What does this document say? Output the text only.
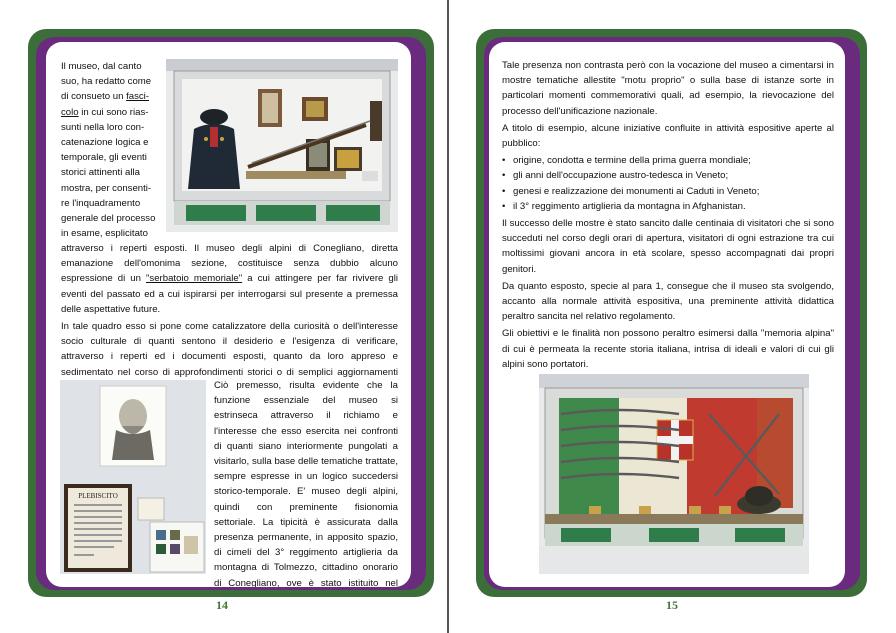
Il museo, dal canto
suo, ha redatto come
di consueto un fasci-
colo in cui sono rias-
sunti nella loro con-
catenazione logica e
temporale, gli eventi
storici attinenti alla
mostra, per consenti-
re l'inquadramento
generale del processo
in esame, esplicitato

attraverso i reperti esposti. Il museo degli alpini di Conegliano, diretta emanazione dell'omonima sezione, costituisce senza dubbio alcuno espressione di un "serbatoio memoriale" a cui attingere per far rivivere gli eventi del passato ed a cui ispirarsi per interrogarsi sul presente a premessa delle aspettative future.

In tale quadro esso si pone come catalizzatore della curiosità o dell'interesse socio culturale di quanti sentono il desiderio e l'esigenza di verificare, attraverso i reperti ed i documenti esposti, quanto da loro appreso e sedimentato nel corso di approfondimenti storici o di semplici aggiornamenti

PLEBISCITO

Ciò premesso, risulta evidente che la funzione essenziale del museo si estrinseca attraverso il richiamo e l'interesse che esso esercita nei confronti di quanti siano interiormente pungolati a visitarlo, sulla base delle tematiche trattate, sempre espresse in un logico succedersi storico-temporale. E' museo degli alpini, quindi con preminente fisionomia settoriale. La tipicità è assicurata dalla presenza permanente, in apposito spazio, di cimeli del 3° reggimento artiglieria da montagna di Tolmezzo, cittadino onorario di Conegliano, ove è stato istituito nel

14

Tale presenza non contrasta però con la vocazione del museo a cimentarsi in mostre tematiche allestite "motu proprio" o sulla base di istanze sorte in particolari momenti commemorativi quali, ad esempio, la rievocazione del processo dell'unificazione nazionale.

A titolo di esempio, alcune iniziative confluite in attività espositive aperte al pubblico:

• origine, condotta e termine della prima guerra mondiale;
• gli anni dell'occupazione austro-tedesca in Veneto;
• genesi e realizzazione dei monumenti ai Caduti in Veneto;
• il 3° reggimento artiglieria da montagna in Afghanistan.

Il successo delle mostre è stato sancito dalle centinaia di visitatori che si sono succeduti nel corso degli orari di apertura, visitatori di ogni estrazione tra cui moltissimi giovani ancora in età scolare, spesso accompagnati dai propri genitori.

Da quanto esposto, specie al para 1, consegue che il museo sta svolgendo, accanto alla normale attività espositiva, una preminente attività didattica peraltro sancita nel relativo regolamento.

Gli obiettivi e le finalità non possono peraltro esimersi dalla "memoria alpina" di cui è permeata la recente storia italiana, intrisa di ideali e valori di cui gli alpini sono portatori.

15
